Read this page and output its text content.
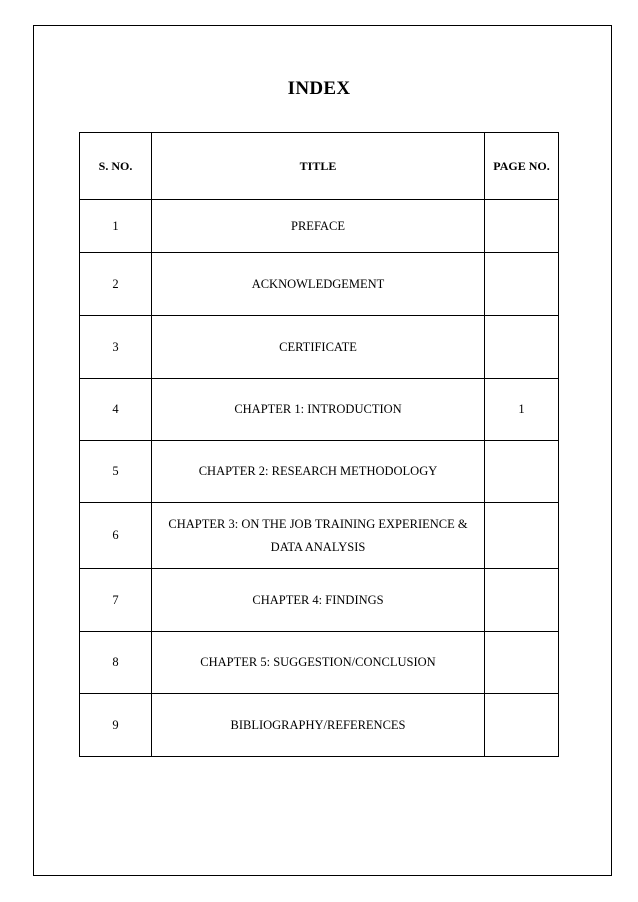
INDEX
S. NO.	TITLE	PAGE NO.
1	PREFACE	
2	ACKNOWLEDGEMENT	
3	CERTIFICATE	
4	CHAPTER 1: INTRODUCTION	1
5	CHAPTER 2: RESEARCH METHODOLOGY	
6	CHAPTER 3: ON THE JOB TRAINING EXPERIENCE &
DATA ANALYSIS	

7	CHAPTER 4: FINDINGS	
8	CHAPTER 5: SUGGESTION/CONCLUSION	
9	BIBLIOGRAPHY/REFERENCES	
